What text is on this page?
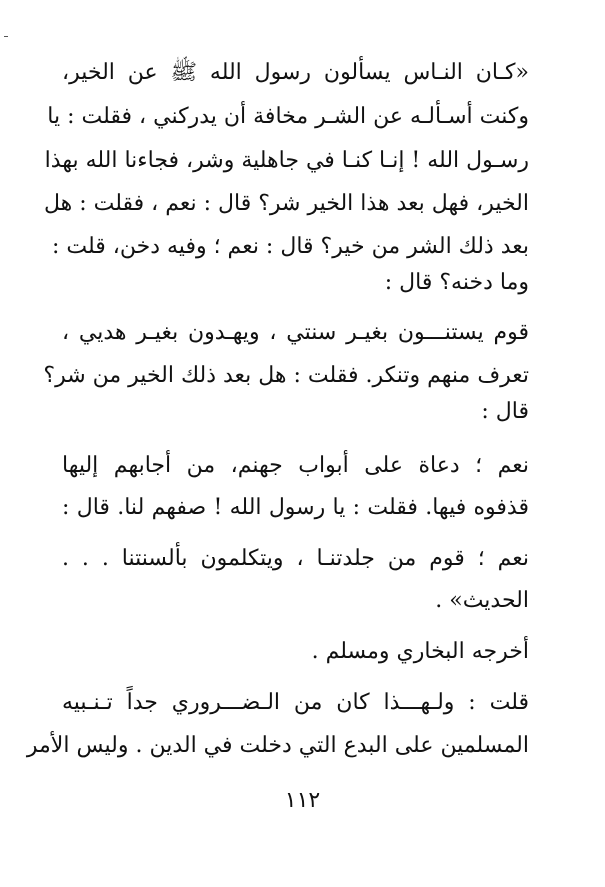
«كـان النـاس يسألون رسول الله ﷺ عن الخير،
وكنت أسـألـه عن الشـر مخافة أن يدركني ، فقلت : يا
رسـول الله ! إنـا كنـا في جاهلية وشر، فجاءنا الله بهذا
الخير، فهل بعد هذا الخير شر؟ قال : نعم ، فقلت : هل
بعد ذلك الشر من خير؟ قال : نعم ؛ وفيه دخن، قلت :
وما دخنه؟ قال :
قوم يستنـــون بغيـر سنتي ، ويهـدون بغيـر هديي ،
تعرف منهم وتنكر. فقلت : هل بعد ذلك الخير من شر؟
قال :
نعم ؛ دعاة على أبواب جهنم، من أجابهم إليها
قذفوه فيها. فقلت : يا رسول الله ! صفهم لنا. قال :
نعم ؛ قوم من جلدتنـا ، ويتكلمون بألسنتنا . . .
الحديث» .
أخرجه البخاري ومسلم .
قلت : ولـهـــذا كان من الـضـــروري جداً تـنـبيه
المسلمين على البدع التي دخلت في الدين . وليس الأمر
١١٢
